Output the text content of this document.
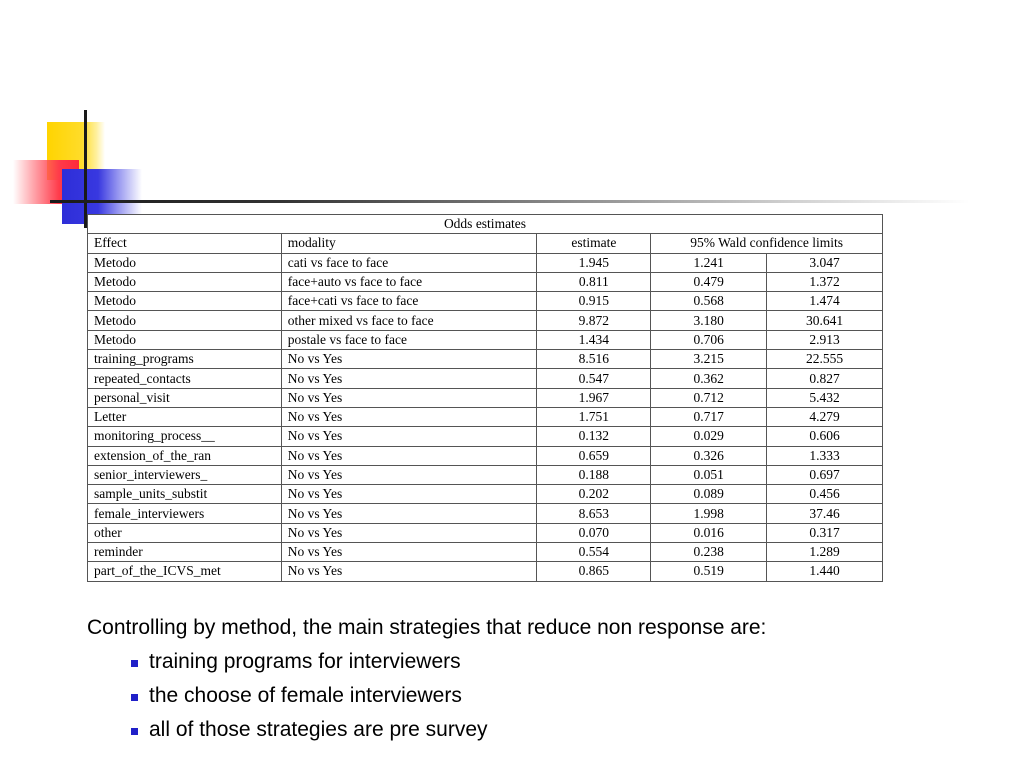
Odds estimates				
Effect	modality	estimate	95% Wald confidence limits	
Metodo	cati vs face to face	1.945	1.241	3.047
Metodo	face+auto vs face to face	0.811	0.479	1.372
Metodo	face+cati vs face to face	0.915	0.568	1.474
Metodo	other mixed vs face to face	9.872	3.180	30.641
Metodo	postale vs face to face	1.434	0.706	2.913
training_programs	No vs Yes	8.516	3.215	22.555
repeated_contacts	No vs Yes	0.547	0.362	0.827
personal_visit	No vs Yes	1.967	0.712	5.432
Letter	No vs Yes	1.751	0.717	4.279
monitoring_process__	No vs Yes	0.132	0.029	0.606
extension_of_the_ran	No vs Yes	0.659	0.326	1.333
senior_interviewers_	No vs Yes	0.188	0.051	0.697
sample_units_substit	No vs Yes	0.202	0.089	0.456
female_interviewers	No vs Yes	8.653	1.998	37.46
other	No vs Yes	0.070	0.016	0.317
reminder	No vs Yes	0.554	0.238	1.289
part_of_the_ICVS_met	No vs Yes	0.865	0.519	1.440

Controlling by method, the main strategies that reduce non response are:

training programs for interviewers
the choose of female interviewers
all of those strategies are pre survey
